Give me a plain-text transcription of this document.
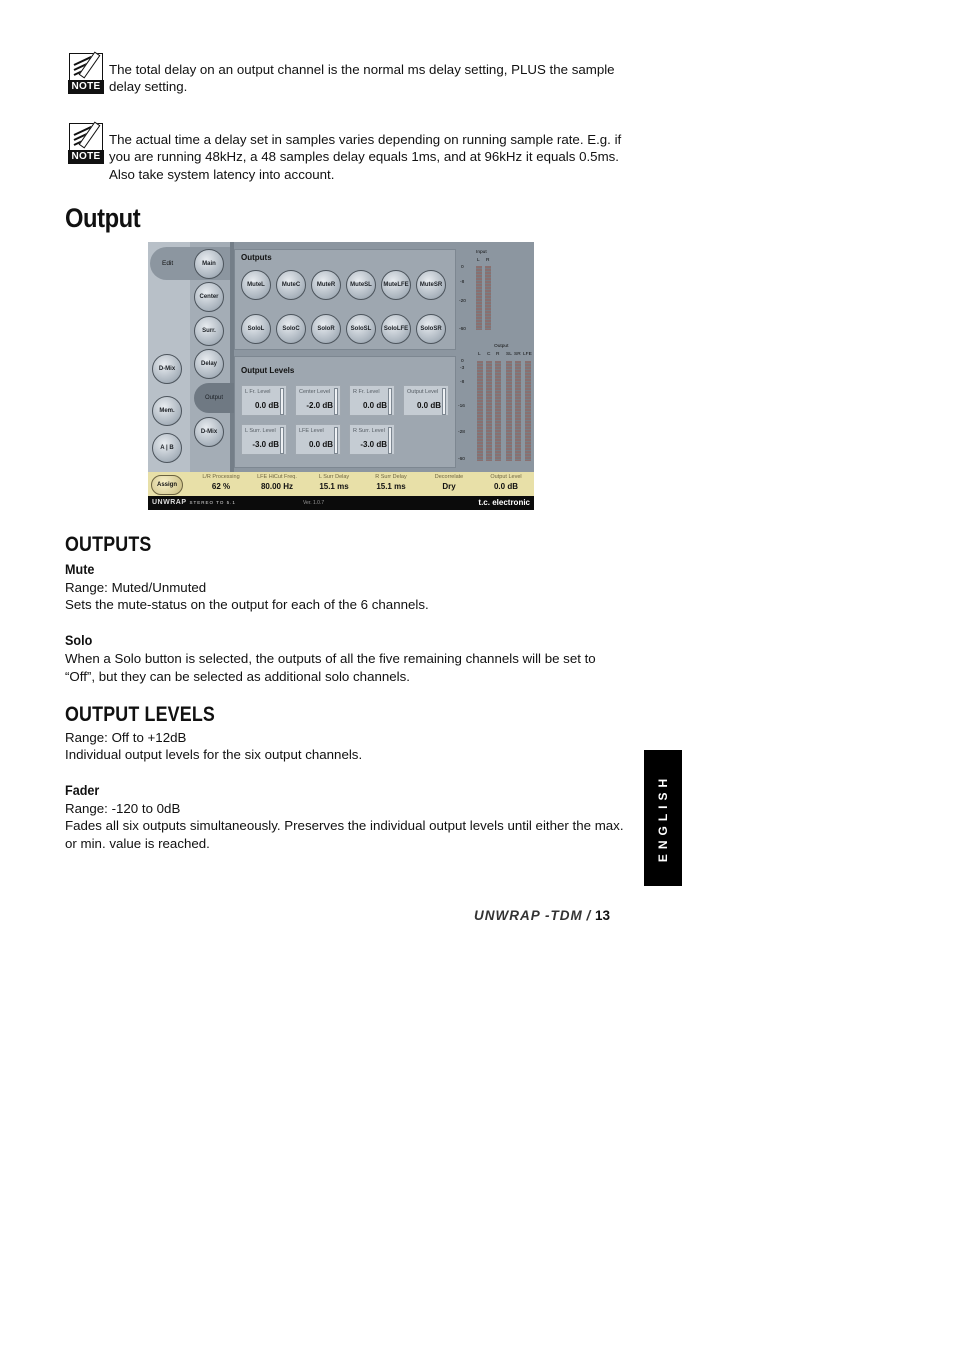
NOTE
The total delay on an output channel is the normal ms delay setting, PLUS the sample delay setting.
NOTE
The actual time a delay set in samples varies depending on running sample rate. E.g. if you are running 48kHz, a 48 samples delay equals 1ms, and at 96kHz it equals 0.5ms. Also take system latency into account.
Output
Edit
D-Mix
Mem.
A | B
Main
Center
Surr.
Delay
Output
D-Mix
Outputs
Mute L	Mute C	Mute R Mute SL Mute LFE Mute SR
Solo L	Solo C	Solo R	Solo SL Solo LFE Solo SR
Output Levels
L Fr. Level
0.0 dB
Center Level
-2.0 dB
R Fr. Level
0.0 dB
Output Level
0.0 dB
L Surr. Level
-3.0 dB
LFE Level
0.0 dB
R Surr. Level
-3.0 dB
Input
L R
0
-8
-20
-60
Output
L C R SL SR LFE
0
-3
-8
-16
-28
-60
Assign
L/R Processing
62 %
LFE HiCut Freq.
80.00 Hz
L Surr Delay
15.1 ms
R Surr Delay
15.1 ms
Decorrelate
Dry
Output Level
0.0 dB
UNWRAP STEREO TO 5.1	Ver. 1.0.7	t.c. electronic
OUTPUTS
Mute

Range: Muted/Unmuted

Sets the mute-status on the output for each of the 6 channels.

Solo

When a Solo button is selected, the outputs of all the five remaining channels will be set to “Off”, but they can be selected as additional solo channels.

OUTPUT LEVELS

Range: Off to +12dB

Individual output levels for the six output channels.

Fader

Range: -120 to 0dB

Fades all six outputs simultaneously. Preserves the individual output levels until either the max. or min. value is reached.	ENGLISH
UNWRAP -TDM / 13
